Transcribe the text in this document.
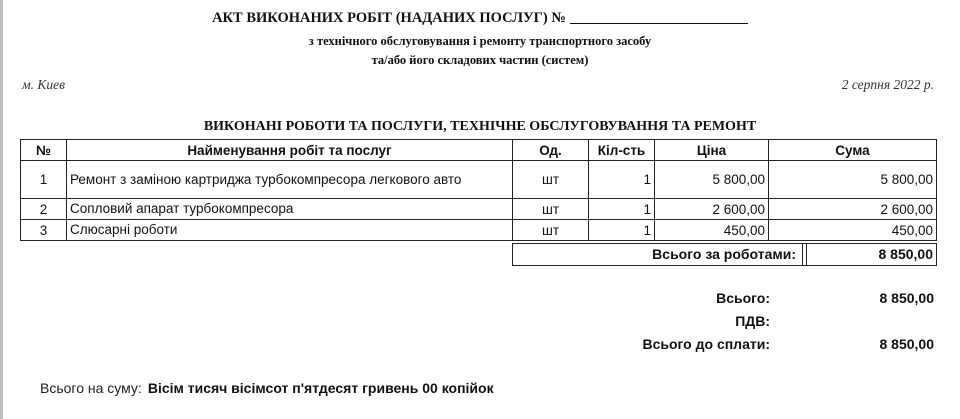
АКТ ВИКОНАНИХ РОБІТ (НАДАНИХ ПОСЛУГ) №
з технічного обслуговування і ремонту транспортного засобу
та/або його складових частин (систем)
м. Киев	2 серпня 2022 р.
ВИКОНАНІ РОБОТИ ТА ПОСЛУГИ, ТЕХНІЧНЕ ОБСЛУГОВУВАННЯ ТА РЕМОНТ
№	Найменування робіт та послуг	Од.	Кіл-сть	Ціна	Сума
1	Ремонт з заміною картриджа турбокомпресора легкового авто	шт	1	5 800,00	5 800,00
2	Сопловий апарат турбокомпресора	шт	1	2 600,00	2 600,00
3	Слюсарні роботи	шт	1	450,00	450,00
Всього за роботами:	8 850,00
Всього:	8 850,00
ПДВ:
Всього до сплати:	8 850,00
Всього на суму: Вісім тисяч вісімсот п'ятдесят гривень 00 копійок
